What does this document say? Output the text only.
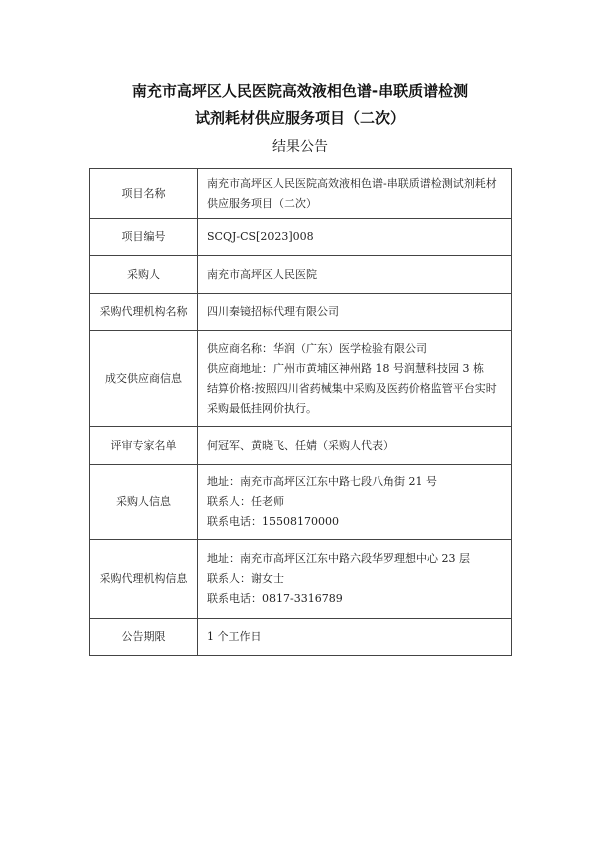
南充市高坪区人民医院高效液相色谱-串联质谱检测
试剂耗材供应服务项目（二次）
结果公告
项目名称	南充市高坪区人民医院高效液相色谱-串联质谱检测试剂耗材供应服务项目（二次）

项目编号	SCQJ-CS[2023]008

采购人	南充市高坪区人民医院

采购代理机构名称	四川秦镜招标代理有限公司

成交供应商信息	供应商名称：华润（广东）医学检验有限公司
供应商地址：广州市黄埔区神州路 18 号润慧科技园 3 栋
结算价格:按照四川省药械集中采购及医药价格监管平台实时采购最低挂网价执行。

评审专家名单	何冠军、黄晓飞、任婧（采购人代表）

采购人信息	地址：南充市高坪区江东中路七段八角街 21 号
联系人：任老师
联系电话：15508170000

采购代理机构信息	地址：南充市高坪区江东中路六段华罗理想中心 23 层
联系人：谢女士
联系电话：0817-3316789

公告期限	1 个工作日
